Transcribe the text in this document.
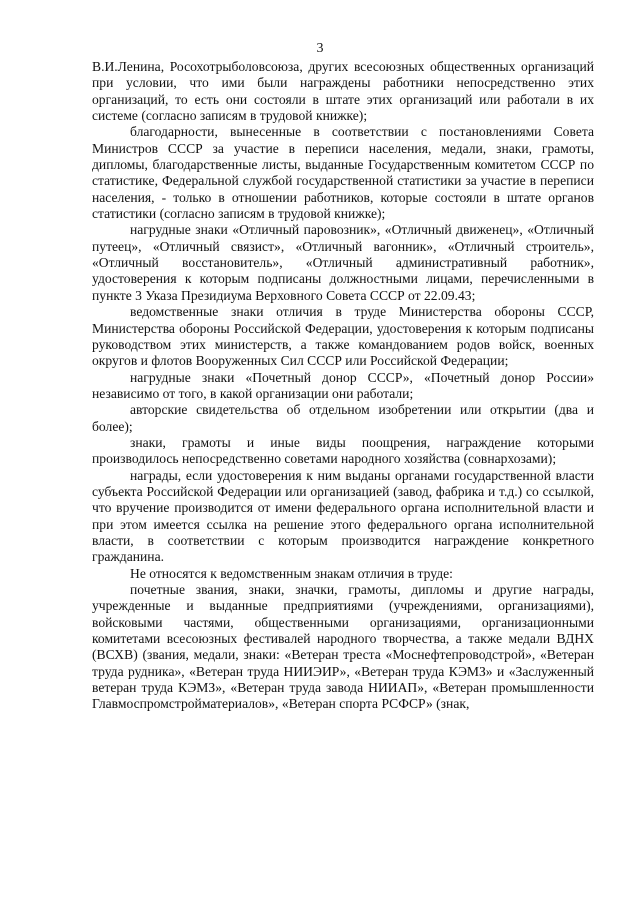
3

В.И.Ленина, Росохотрыболовсоюза, других всесоюзных общественных организаций при условии, что ими были награждены работники непосредственно этих организаций, то есть они состояли в штате этих организаций или работали в их системе (согласно записям в трудовой книжке);

благодарности, вынесенные в соответствии с постановлениями Совета Министров СССР за участие в переписи населения, медали, знаки, грамоты, дипломы, благодарственные листы, выданные Государственным комитетом СССР по статистике, Федеральной службой государственной статистики за участие в переписи населения, - только в отношении работников, которые состояли в штате органов статистики (согласно записям в трудовой книжке);

нагрудные знаки «Отличный паровозник», «Отличный движенец», «Отличный путеец», «Отличный связист», «Отличный вагонник», «Отличный строитель», «Отличный восстановитель», «Отличный административный работник», удостоверения к которым подписаны должностными лицами, перечисленными в пункте 3 Указа Президиума Верховного Совета СССР от 22.09.43;

ведомственные знаки отличия в труде Министерства обороны СССР, Министерства обороны Российской Федерации, удостоверения к которым подписаны руководством этих министерств, а также командованием родов войск, военных округов и флотов Вооруженных Сил СССР или Российской Федерации;

нагрудные знаки «Почетный донор СССР», «Почетный донор России» независимо от того, в какой организации они работали;

авторские свидетельства об отдельном изобретении или открытии (два и более);

знаки, грамоты и иные виды поощрения, награждение которыми производилось непосредственно советами народного хозяйства (совнархозами);

награды, если удостоверения к ним выданы органами государственной власти субъекта Российской Федерации или организацией (завод, фабрика и т.д.) со ссылкой, что вручение производится от имени федерального органа исполнительной власти и при этом имеется ссылка на решение этого федерального органа исполнительной власти, в соответствии с которым производится награждение конкретного гражданина.

Не относятся к ведомственным знакам отличия в труде:

почетные звания, знаки, значки, грамоты, дипломы и другие награды, учрежденные и выданные предприятиями (учреждениями, организациями), войсковыми частями, общественными организациями, организационными комитетами всесоюзных фестивалей народного творчества, а также медали ВДНХ (ВСХВ) (звания, медали, знаки: «Ветеран треста «Моснефтепроводстрой», «Ветеран труда рудника», «Ветеран труда НИИЭИР», «Ветеран труда КЭМЗ» и «Заслуженный ветеран труда КЭМЗ», «Ветеран труда завода НИИАП», «Ветеран промышленности Главмоспромстройматериалов», «Ветеран спорта РСФСР» (знак,
